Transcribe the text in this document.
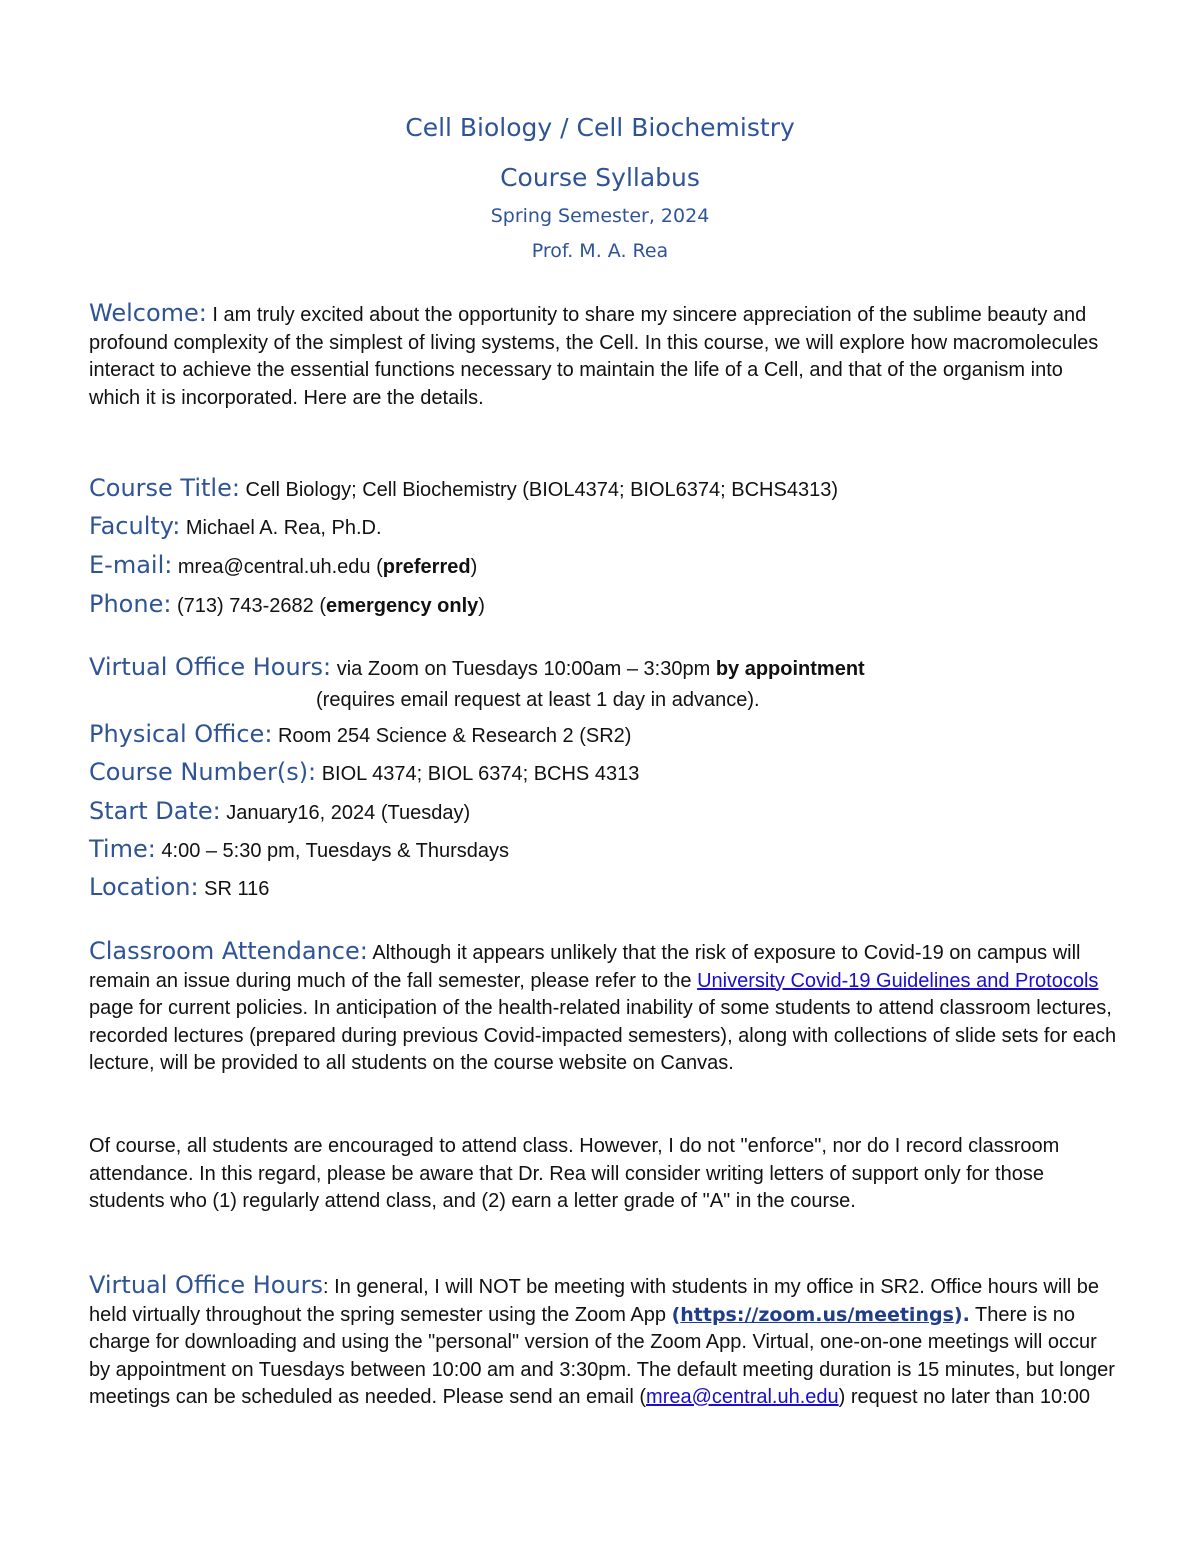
Cell Biology / Cell Biochemistry
Course Syllabus
Spring Semester, 2024
Prof. M. A. Rea
Welcome: I am truly excited about the opportunity to share my sincere appreciation of the sublime beauty and profound complexity of the simplest of living systems, the Cell. In this course, we will explore how macromolecules interact to achieve the essential functions necessary to maintain the life of a Cell, and that of the organism into which it is incorporated. Here are the details.
Course Title: Cell Biology; Cell Biochemistry (BIOL4374; BIOL6374; BCHS4313)
Faculty: Michael A. Rea, Ph.D.
E-mail: mrea@central.uh.edu (preferred)
Phone: (713) 743-2682 (emergency only)
Virtual Office Hours: via Zoom on Tuesdays 10:00am – 3:30pm by appointment
(requires email request at least 1 day in advance).
Physical Office: Room 254 Science & Research 2 (SR2)
Course Number(s): BIOL 4374; BIOL 6374; BCHS 4313
Start Date: January16, 2024 (Tuesday)
Time: 4:00 – 5:30 pm, Tuesdays & Thursdays
Location: SR 116
Classroom Attendance: Although it appears unlikely that the risk of exposure to Covid-19 on campus will remain an issue during much of the fall semester, please refer to the University Covid-19 Guidelines and Protocols page for current policies. In anticipation of the health-related inability of some students to attend classroom lectures, recorded lectures (prepared during previous Covid-impacted semesters), along with collections of slide sets for each lecture, will be provided to all students on the course website on Canvas.
Of course, all students are encouraged to attend class. However, I do not "enforce", nor do I record classroom attendance. In this regard, please be aware that Dr. Rea will consider writing letters of support only for those students who (1) regularly attend class, and (2) earn a letter grade of "A" in the course.
Virtual Office Hours: In general, I will NOT be meeting with students in my office in SR2. Office hours will be held virtually throughout the spring semester using the Zoom App (https://zoom.us/meetings). There is no charge for downloading and using the "personal" version of the Zoom App. Virtual, one-on-one meetings will occur by appointment on Tuesdays between 10:00 am and 3:30pm. The default meeting duration is 15 minutes, but longer meetings can be scheduled as needed. Please send an email (mrea@central.uh.edu) request no later than 10:00
